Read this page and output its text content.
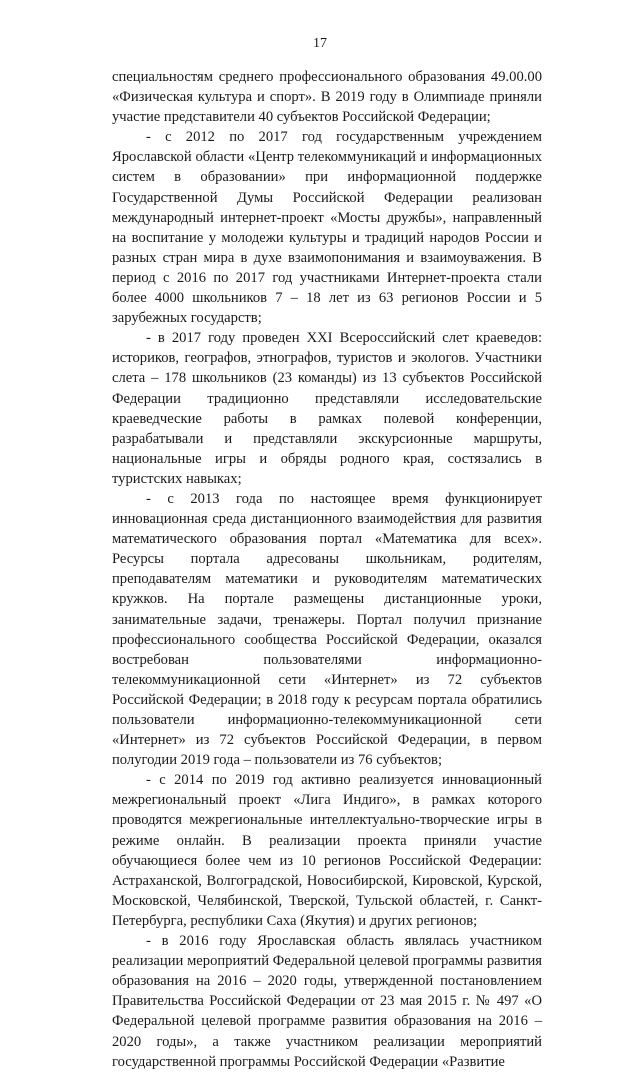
17

специальностям среднего профессионального образования 49.00.00 «Физическая культура и спорт». В 2019 году в Олимпиаде приняли участие представители 40 субъектов Российской Федерации;

- с 2012 по 2017 год государственным учреждением Ярославской области «Центр телекоммуникаций и информационных систем в образовании» при информационной поддержке Государственной Думы Российской Федерации реализован международный интернет-проект «Мосты дружбы», направленный на воспитание у молодежи культуры и традиций народов России и разных стран мира в духе взаимопонимания и взаимоуважения. В период с 2016 по 2017 год участниками Интернет-проекта стали более 4000 школьников 7 – 18 лет из 63 регионов России и 5 зарубежных государств;

- в 2017 году проведен XXI Всероссийский слет краеведов: историков, географов, этнографов, туристов и экологов. Участники слета – 178 школьников (23 команды) из 13 субъектов Российской Федерации традиционно представляли исследовательские краеведческие работы в рамках полевой конференции, разрабатывали и представляли экскурсионные маршруты, национальные игры и обряды родного края, состязались в туристских навыках;

- с 2013 года по настоящее время функционирует инновационная среда дистанционного взаимодействия для развития математического образования портал «Математика для всех». Ресурсы портала адресованы школьникам, родителям, преподавателям математики и руководителям математических кружков. На портале размещены дистанционные уроки, занимательные задачи, тренажеры. Портал получил признание профессионального сообщества Российской Федерации, оказался востребован пользователями информационно-телекоммуникационной сети «Интернет» из 72 субъектов Российской Федерации; в 2018 году к ресурсам портала обратились пользователи информационно-телекоммуникационной сети «Интернет» из 72 субъектов Российской Федерации, в первом полугодии 2019 года – пользователи из 76 субъектов;

- с 2014 по 2019 год активно реализуется инновационный межрегиональный проект «Лига Индиго», в рамках которого проводятся межрегиональные интеллектуально-творческие игры в режиме онлайн. В реализации проекта приняли участие обучающиеся более чем из 10 регионов Российской Федерации: Астраханской, Волгоградской, Новосибирской, Кировской, Курской, Московской, Челябинской, Тверской, Тульской областей, г. Санкт-Петербурга, республики Саха (Якутия) и других регионов;

- в 2016 году Ярославская область являлась участником реализации мероприятий Федеральной целевой программы развития образования на 2016 – 2020 годы, утвержденной постановлением Правительства Российской Федерации от 23 мая 2015 г. № 497 «О Федеральной целевой программе развития образования на 2016 – 2020 годы», а также участником реализации мероприятий государственной программы Российской Федерации «Развитие
